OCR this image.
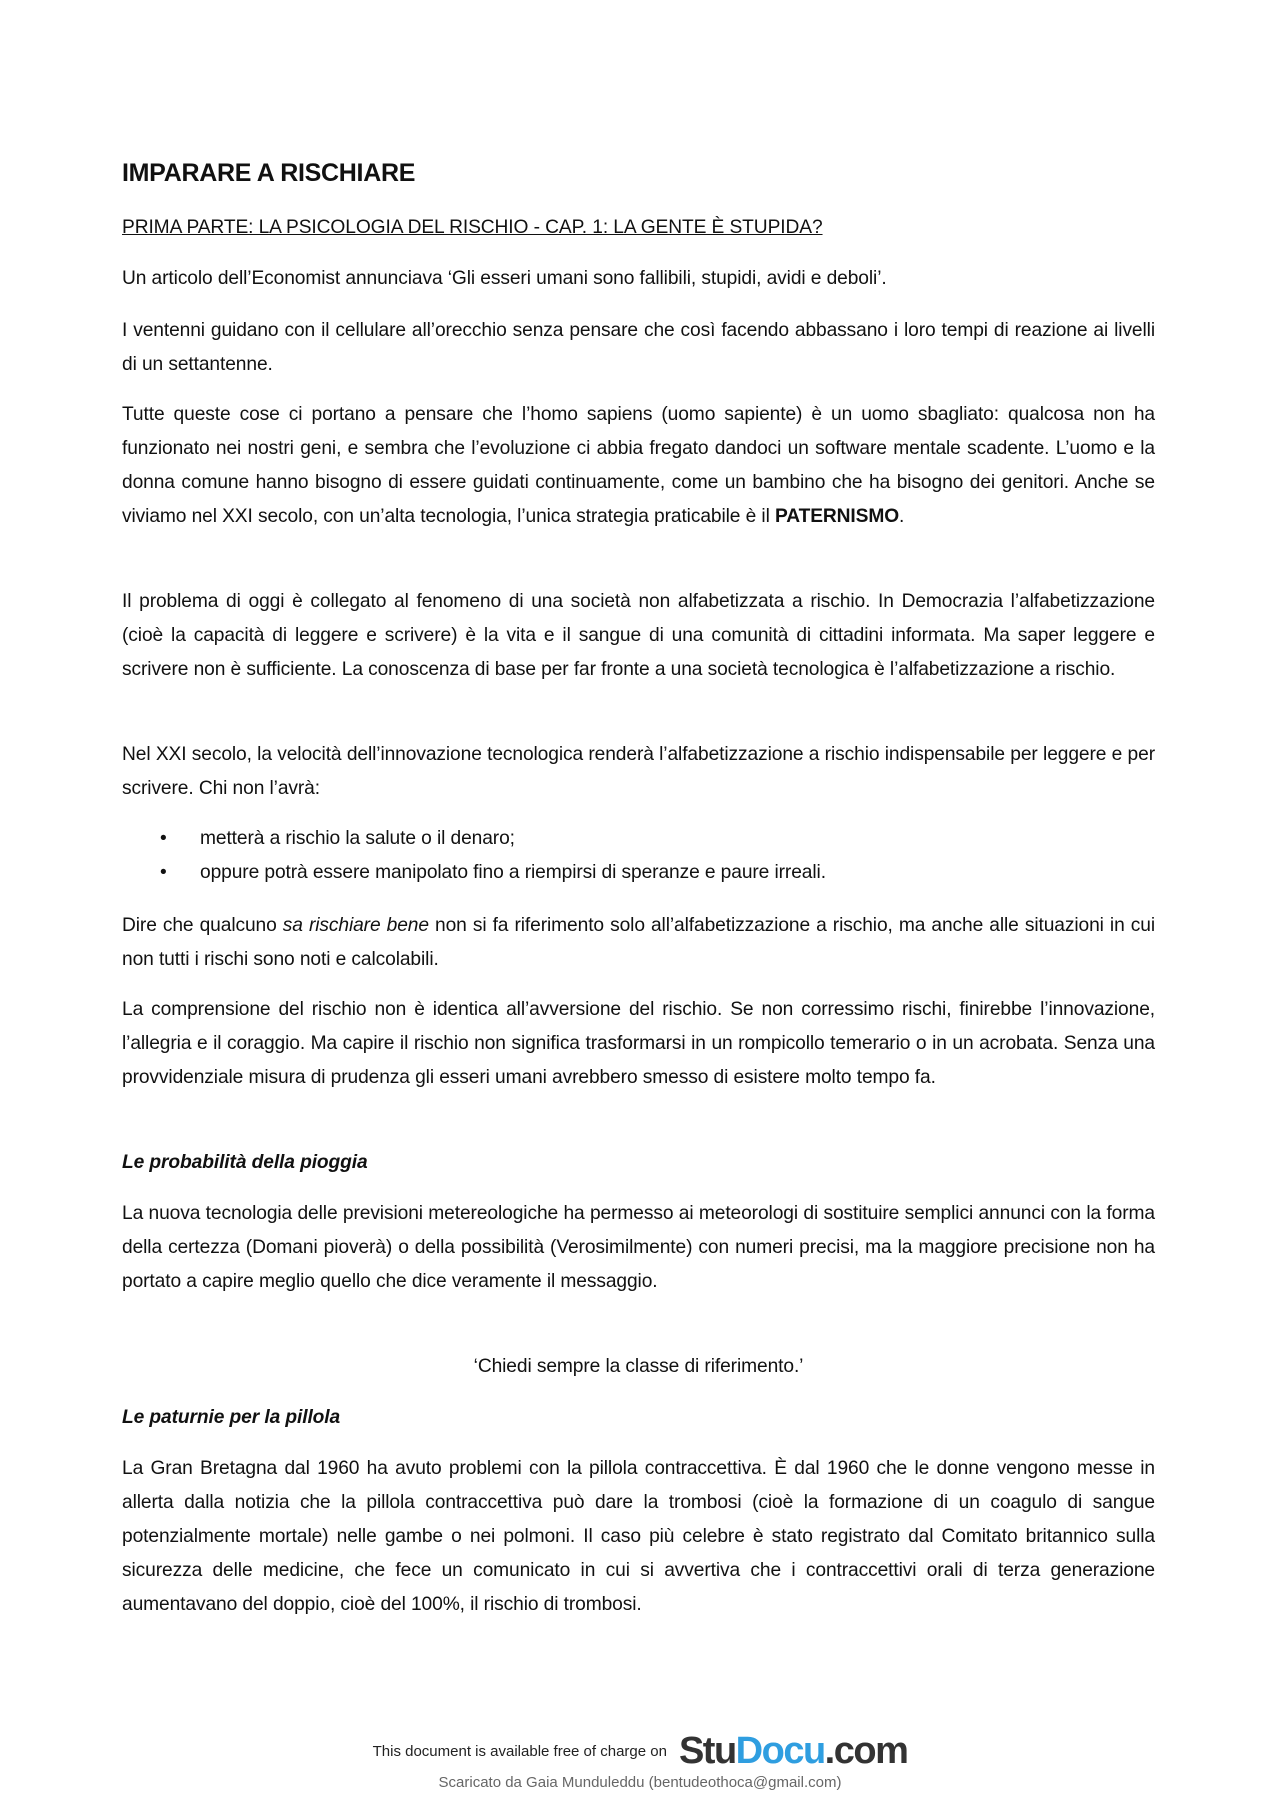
IMPARARE A RISCHIARE

PRIMA PARTE: LA PSICOLOGIA DEL RISCHIO - CAP. 1: LA GENTE È STUPIDA?

Un articolo dell’Economist annunciava ‘Gli esseri umani sono fallibili, stupidi, avidi e deboli’.

I ventenni guidano con il cellulare all’orecchio senza pensare che così facendo abbassano i loro tempi di reazione ai livelli di un settantenne.

Tutte queste cose ci portano a pensare che l’homo sapiens (uomo sapiente) è un uomo sbagliato: qualcosa non ha funzionato nei nostri geni, e sembra che l’evoluzione ci abbia fregato dandoci un software mentale scadente. L’uomo e la donna comune hanno bisogno di essere guidati continuamente, come un bambino che ha bisogno dei genitori. Anche se viviamo nel XXI secolo, con un’alta tecnologia, l’unica strategia praticabile è il PATERNISMO.

Il problema di oggi è collegato al fenomeno di una società non alfabetizzata a rischio. In Democrazia l’alfabetizzazione (cioè la capacità di leggere e scrivere) è la vita e il sangue di una comunità di cittadini informata. Ma saper leggere e scrivere non è sufficiente. La conoscenza di base per far fronte a una società tecnologica è l’alfabetizzazione a rischio.

Nel XXI secolo, la velocità dell’innovazione tecnologica renderà l’alfabetizzazione a rischio indispensabile per leggere e per scrivere. Chi non l’avrà:

• metterà a rischio la salute o il denaro;
• oppure potrà essere manipolato fino a riempirsi di speranze e paure irreali.

Dire che qualcuno sa rischiare bene non si fa riferimento solo all’alfabetizzazione a rischio, ma anche alle situazioni in cui non tutti i rischi sono noti e calcolabili.

La comprensione del rischio non è identica all’avversione del rischio. Se non corressimo rischi, finirebbe l’innovazione, l’allegria e il coraggio. Ma capire il rischio non significa trasformarsi in un rompicollo temerario o in un acrobata. Senza una provvidenziale misura di prudenza gli esseri umani avrebbero smesso di esistere molto tempo fa.

Le probabilità della pioggia

La nuova tecnologia delle previsioni metereologiche ha permesso ai meteorologi di sostituire semplici annunci con la forma della certezza (Domani pioverà) o della possibilità (Verosimilmente) con numeri precisi, ma la maggiore precisione non ha portato a capire meglio quello che dice veramente il messaggio.

‘Chiedi sempre la classe di riferimento.’

Le paturnie per la pillola

La Gran Bretagna dal 1960 ha avuto problemi con la pillola contraccettiva. È dal 1960 che le donne vengono messe in allerta dalla notizia che la pillola contraccettiva può dare la trombosi (cioè la formazione di un coagulo di sangue potenzialmente mortale) nelle gambe o nei polmoni. Il caso più celebre è stato registrato dal Comitato britannico sulla sicurezza delle medicine, che fece un comunicato in cui si avvertiva che i contraccettivi orali di terza generazione aumentavano del doppio, cioè del 100%, il rischio di trombosi.

This document is available free of charge on StuDocu.com
Scaricato da Gaia Munduleddu (bentudeothoca@gmail.com)
